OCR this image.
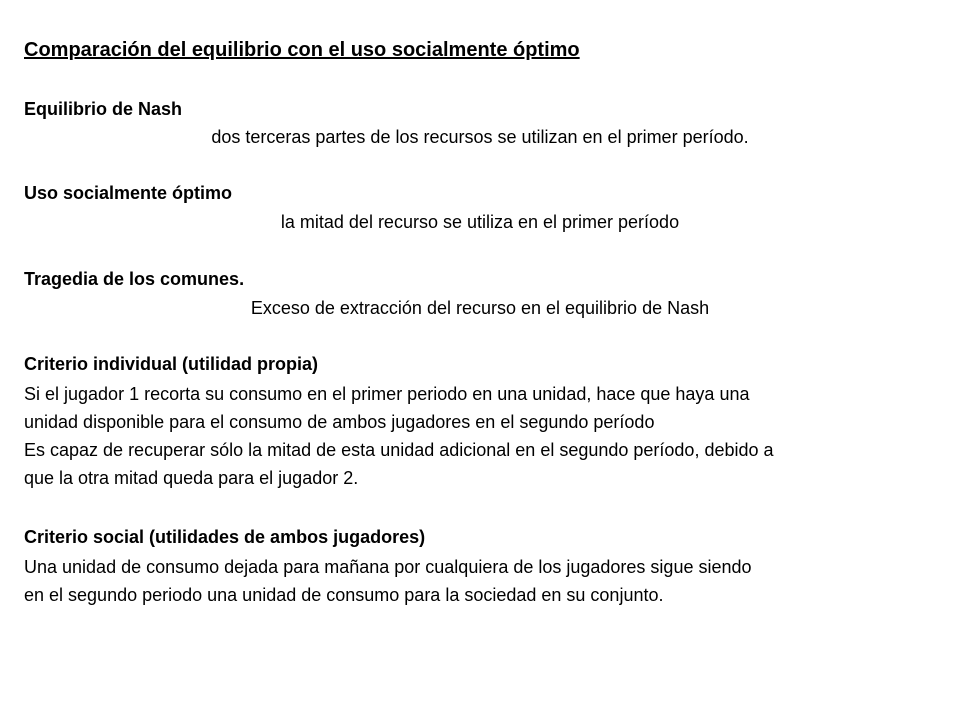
Comparación del equilibrio con el uso socialmente óptimo
Equilibrio de Nash
dos terceras partes de los recursos se utilizan en el primer período.
Uso socialmente óptimo
la mitad del recurso se utiliza en el primer período
Tragedia de los comunes.
Exceso de extracción del recurso en el equilibrio de Nash
Criterio individual (utilidad propia)
Si el jugador 1 recorta su consumo en el primer periodo en una unidad, hace que haya una
unidad disponible para el consumo de ambos jugadores en el segundo período
Es capaz de recuperar sólo la mitad de esta unidad adicional en el segundo período, debido a
que la otra mitad queda para el jugador 2.
Criterio social (utilidades de ambos jugadores)
Una unidad de consumo dejada para mañana por cualquiera de los jugadores sigue siendo
en el segundo periodo una unidad de consumo para la sociedad en su conjunto.
